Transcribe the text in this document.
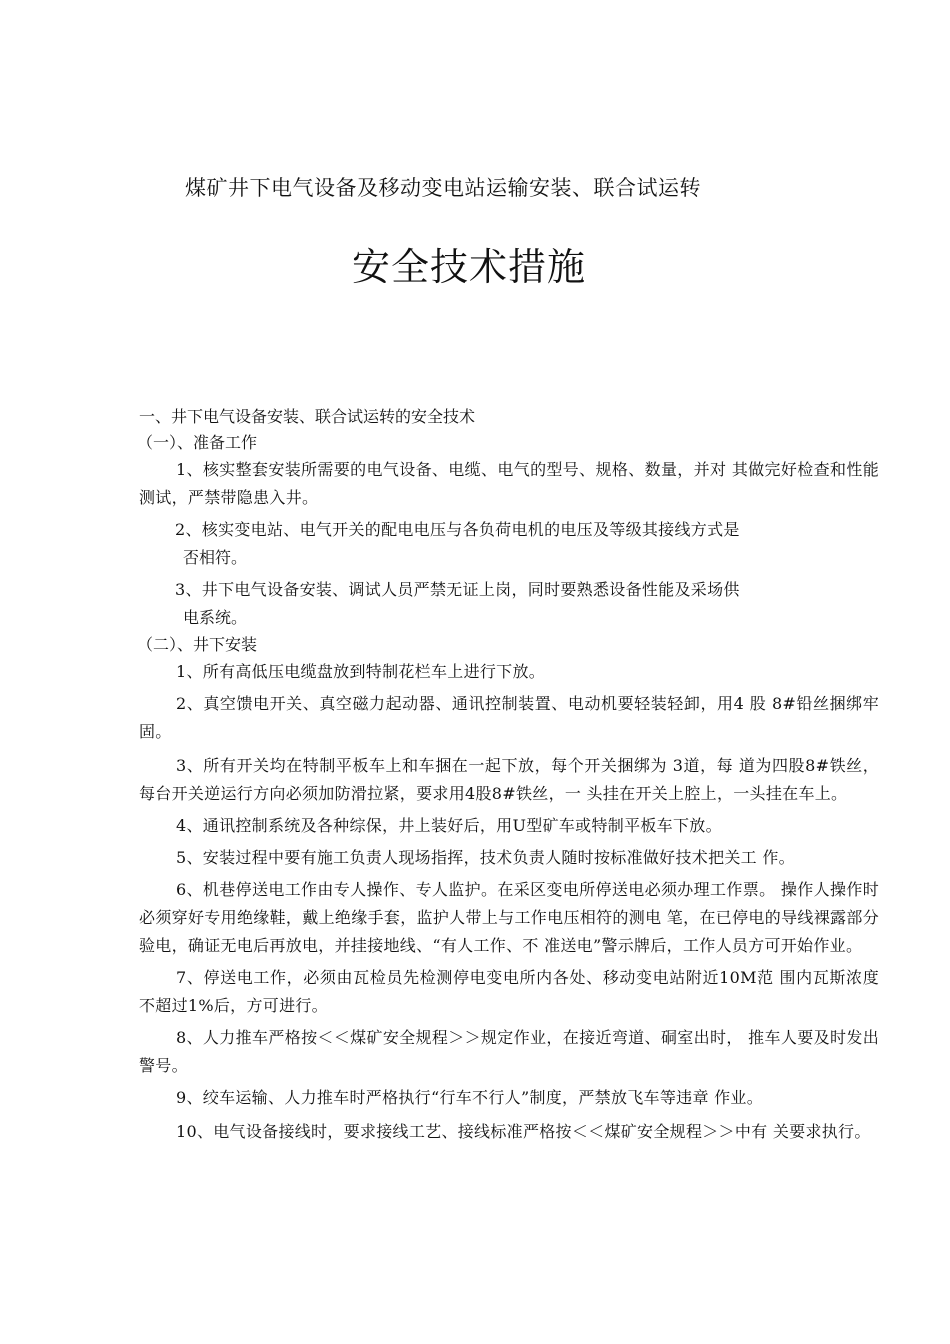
煤矿井下电气设备及移动变电站运输安装、联合试运转
安全技术措施
一、井下电气设备安装、联合试运转的安全技术
（一）、准备工作
1、核实整套安装所需要的电气设备、电缆、电气的型号、规格、数量，并对 其做完好检查和性能测试，严禁带隐患入井。
2、核实变电站、电气开关的配电电压与各负荷电机的电压及等级其接线方式是
否相符。
3、井下电气设备安装、调试人员严禁无证上岗，同时要熟悉设备性能及采场供
电系统。
（二）、井下安装
1、所有高低压电缆盘放到特制花栏车上进行下放。
2、真空馈电开关、真空磁力起动器、通讯控制装置、电动机要轻装轻卸，用4 股 8#铅丝捆绑牢固。
3、所有开关均在特制平板车上和车捆在一起下放，每个开关捆绑为 3道，每 道为四股8#铁丝，每台开关逆运行方向必须加防滑拉紧，要求用4股8#铁丝，一 头挂在开关上腔上，一头挂在车上。
4、通讯控制系统及各种综保，井上装好后，用U型矿车或特制平板车下放。
5、安装过程中要有施工负责人现场指挥，技术负责人随时按标准做好技术把关工 作。
6、机巷停送电工作由专人操作、专人监护。在采区变电所停送电必须办理工作票。 操作人操作时必须穿好专用绝缘鞋，戴上绝缘手套，监护人带上与工作电压相符的测电 笔，在已停电的导线裸露部分验电，确证无电后再放电，并挂接地线、“有人工作、不 准送电”警示牌后，工作人员方可开始作业。
7、停送电工作，必须由瓦检员先检测停电变电所内各处、移动变电站附近10M范 围内瓦斯浓度不超过1%后，方可进行。
8、人力推车严格按＜＜煤矿安全规程＞＞规定作业，在接近弯道、硐室出时， 推车人要及时发出警号。
9、绞车运输、人力推车时严格执行“行车不行人”制度，严禁放飞车等违章 作业。
10、电气设备接线时，要求接线工艺、接线标准严格按＜＜煤矿安全规程＞＞中有 关要求执行。
